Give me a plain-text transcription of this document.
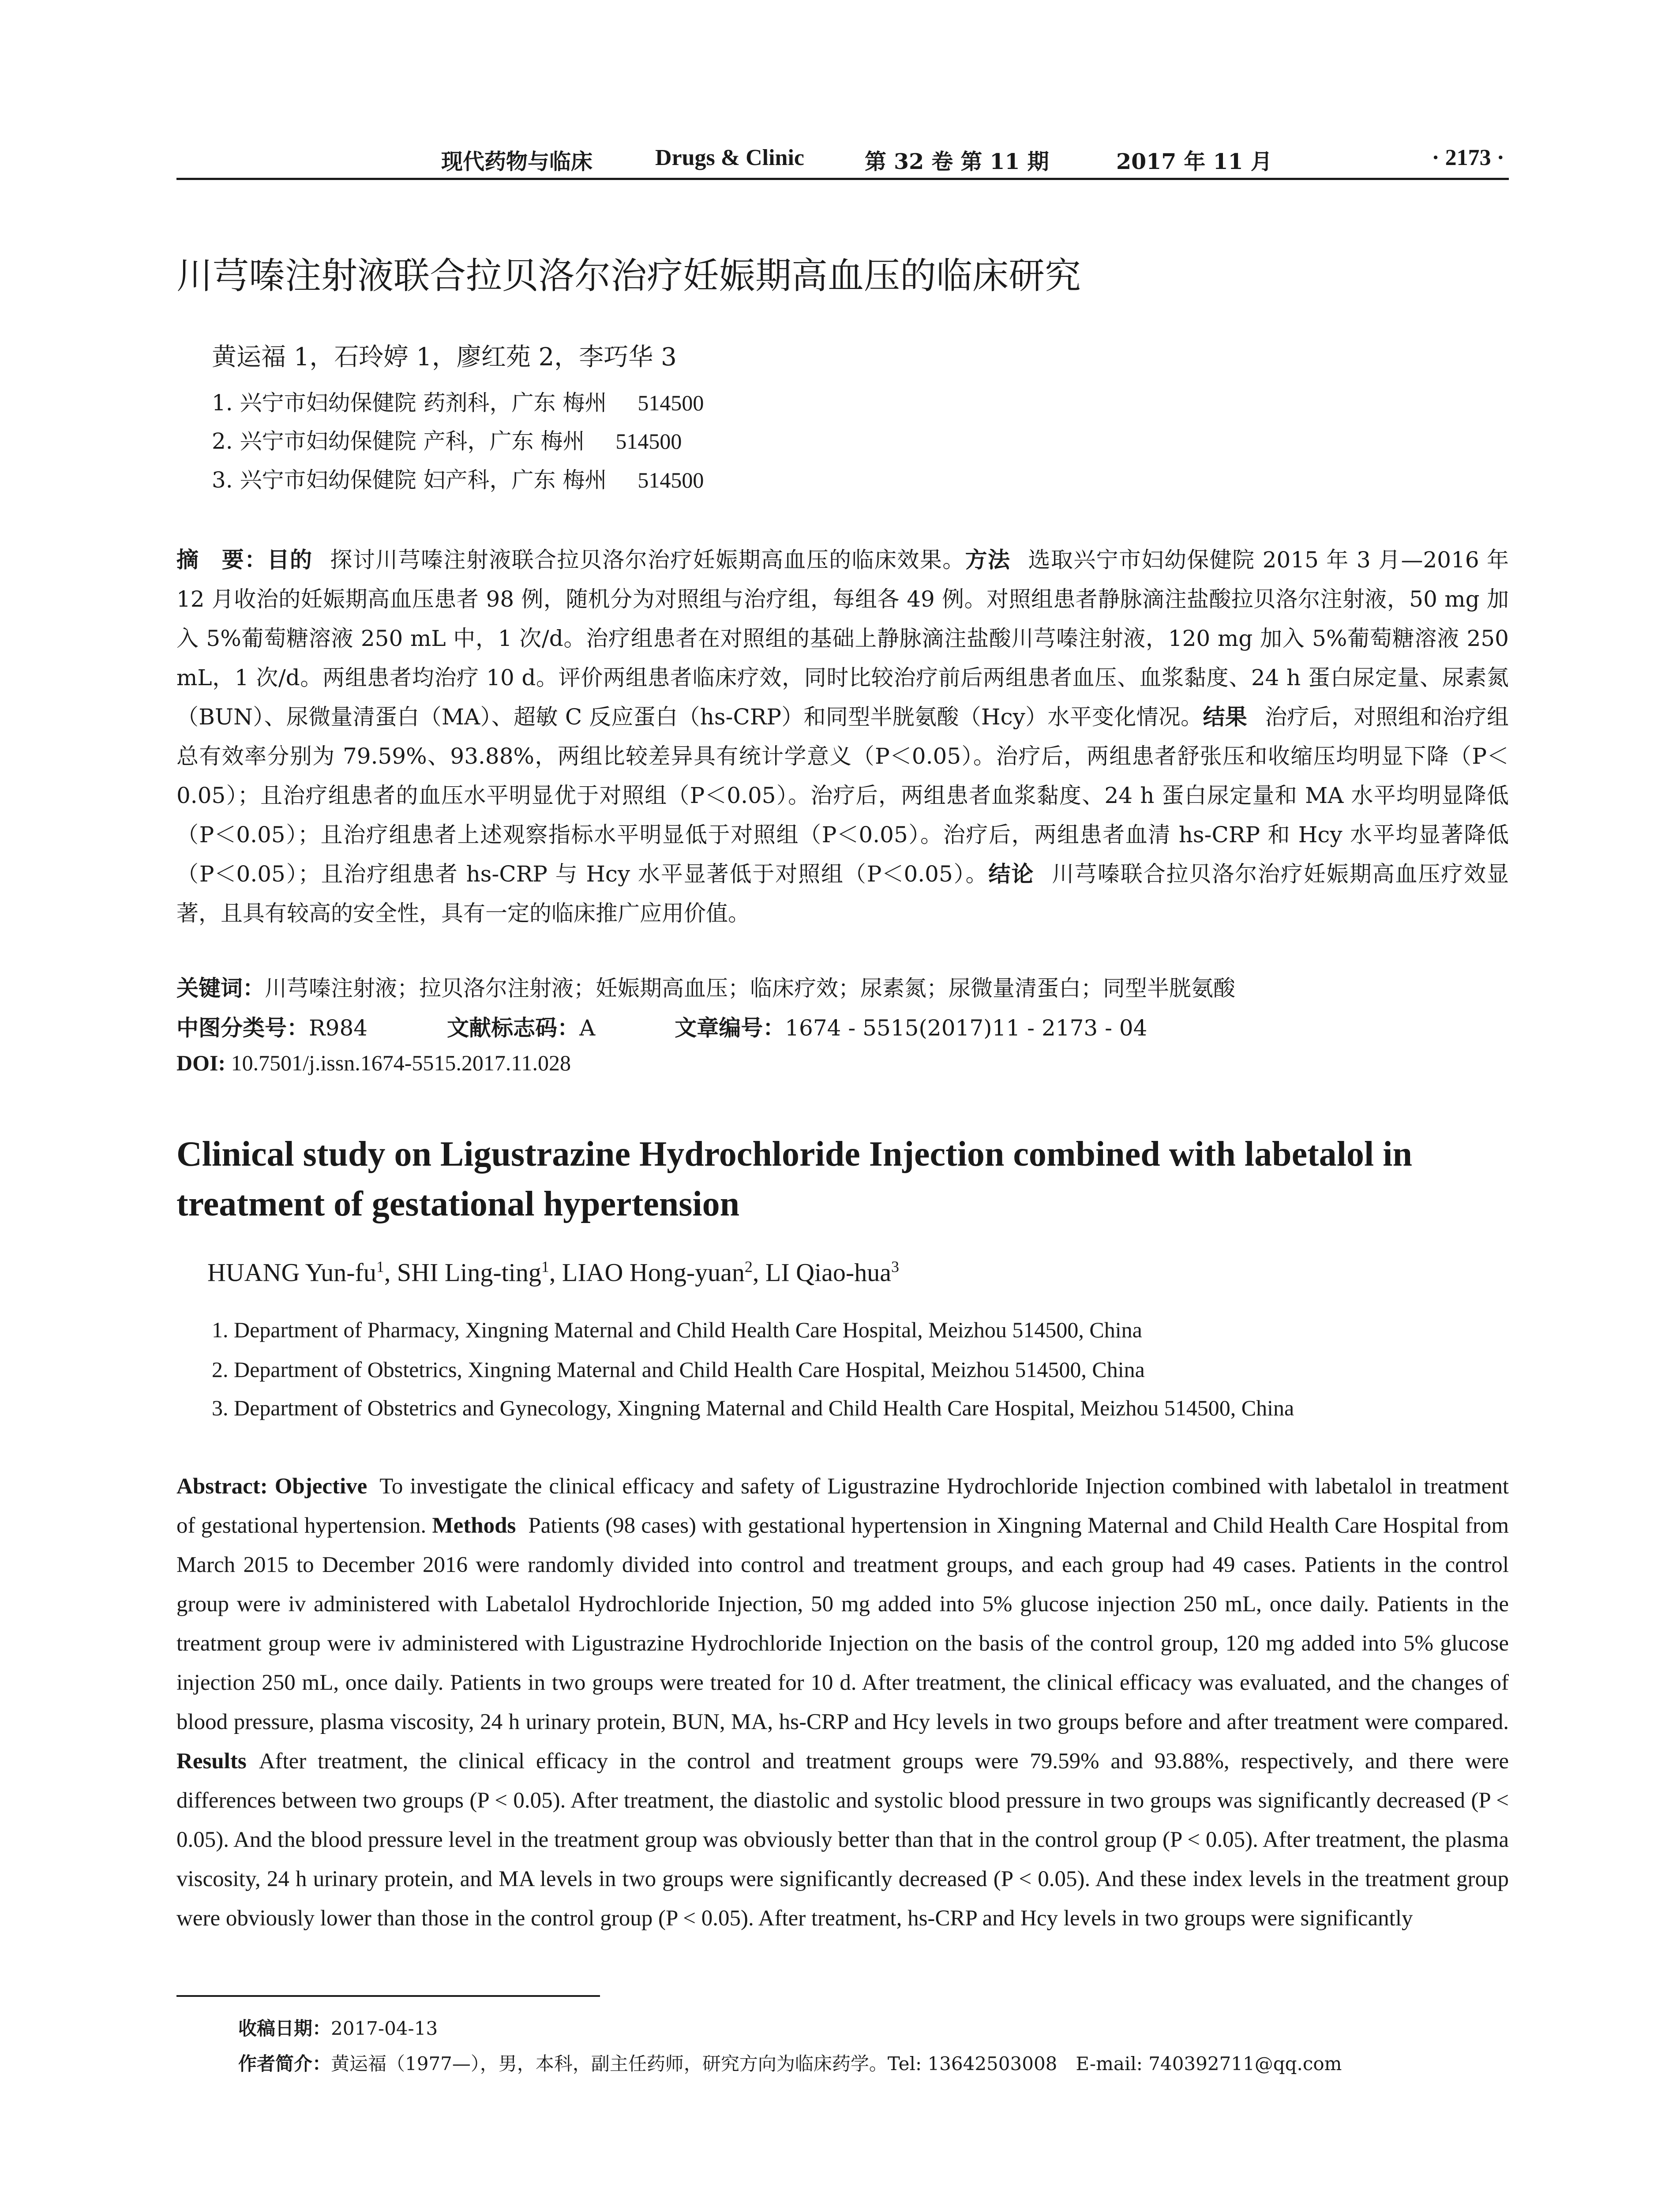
现代药物与临床	Drugs & Clinic	第 32 卷 第 11 期	2017 年 11 月	· 2173 ·
川芎嗪注射液联合拉贝洛尔治疗妊娠期高血压的临床研究
黄运福 1，石玲婷 1，廖红苑 2，李巧华 3
1. 兴宁市妇幼保健院 药剂科，广东 梅州 514500
2. 兴宁市妇幼保健院 产科，广东 梅州 514500
3. 兴宁市妇幼保健院 妇产科，广东 梅州 514500
摘　要：目的 探讨川芎嗪注射液联合拉贝洛尔治疗妊娠期高血压的临床效果。方法 选取兴宁市妇幼保健院 2015 年 3 月—2016 年 12 月收治的妊娠期高血压患者 98 例，随机分为对照组与治疗组，每组各 49 例。对照组患者静脉滴注盐酸拉贝洛尔注射液，50 mg 加入 5%葡萄糖溶液 250 mL 中，1 次/d。治疗组患者在对照组的基础上静脉滴注盐酸川芎嗪注射液，120 mg 加入 5%葡萄糖溶液 250 mL，1 次/d。两组患者均治疗 10 d。评价两组患者临床疗效，同时比较治疗前后两组患者血压、血浆黏度、24 h 蛋白尿定量、尿素氮（BUN）、尿微量清蛋白（MA）、超敏 C 反应蛋白（hs-CRP）和同型半胱氨酸（Hcy）水平变化情况。结果 治疗后，对照组和治疗组总有效率分别为 79.59%、93.88%，两组比较差异具有统计学意义（P＜0.05）。治疗后，两组患者舒张压和收缩压均明显下降（P＜0.05）；且治疗组患者的血压水平明显优于对照组（P＜0.05）。治疗后，两组患者血浆黏度、24 h 蛋白尿定量和 MA 水平均明显降低（P＜0.05）；且治疗组患者上述观察指标水平明显低于对照组（P＜0.05）。治疗后，两组患者血清 hs-CRP 和 Hcy 水平均显著降低（P＜0.05）；且治疗组患者 hs-CRP 与 Hcy 水平显著低于对照组（P＜0.05）。结论 川芎嗪联合拉贝洛尔治疗妊娠期高血压疗效显著，且具有较高的安全性，具有一定的临床推广应用价值。
关键词：川芎嗪注射液；拉贝洛尔注射液；妊娠期高血压；临床疗效；尿素氮；尿微量清蛋白；同型半胱氨酸
中图分类号：R984	文献标志码：A	文章编号：1674 - 5515(2017)11 - 2173 - 04
DOI: 10.7501/j.issn.1674-5515.2017.11.028
Clinical study on Ligustrazine Hydrochloride Injection combined with labetalol in treatment of gestational hypertension
HUANG Yun-$fu^1$, SHI Ling-ting$^1$, LIAO Hong-yuan$^2$, LI Qiao-hua$^3$
1. Department of Pharmacy, Xingning Maternal and Child Health Care Hospital, Meizhou 514500, China
2. Department of Obstetrics, Xingning Maternal and Child Health Care Hospital, Meizhou 514500, China
3. Department of Obstetrics and Gynecology, Xingning Maternal and Child Health Care Hospital, Meizhou 514500, China
Abstract: Objective To investigate the clinical efficacy and safety of Ligustrazine Hydrochloride Injection combined with labetalol in treatment of gestational hypertension. Methods Patients (98 cases) with gestational hypertension in Xingning Maternal and Child Health Care Hospital from March 2015 to December 2016 were randomly divided into control and treatment groups, and each group had 49 cases. Patients in the control group were iv administered with Labetalol Hydrochloride Injection, 50 mg added into 5% glucose injection 250 mL, once daily. Patients in the treatment group were iv administered with Ligustrazine Hydrochloride Injection on the basis of the control group, 120 mg added into 5% glucose injection 250 mL, once daily. Patients in two groups were treated for 10 d. After treatment, the clinical efficacy was evaluated, and the changes of blood pressure, plasma viscosity, 24 h urinary protein, BUN, MA, hs-CRP and Hcy levels in two groups before and after treatment were compared. Results After treatment, the clinical efficacy in the control and treatment groups were 79.59% and 93.88%, respectively, and there were differences between two groups (P < 0.05). After treatment, the diastolic and systolic blood pressure in two groups was significantly decreased (P < 0.05). And the blood pressure level in the treatment group was obviously better than that in the control group (P < 0.05). After treatment, the plasma viscosity, 24 h urinary protein, and MA levels in two groups were significantly decreased (P < 0.05). And these index levels in the treatment group were obviously lower than those in the control group (P < 0.05). After treatment, hs-CRP and Hcy levels in two groups were significantly
收稿日期：2017-04-13
作者简介：黄运福（1977—），男，本科，副主任药师，研究方向为临床药学。Tel: 13642503008　E-mail: 740392711@qq.com
